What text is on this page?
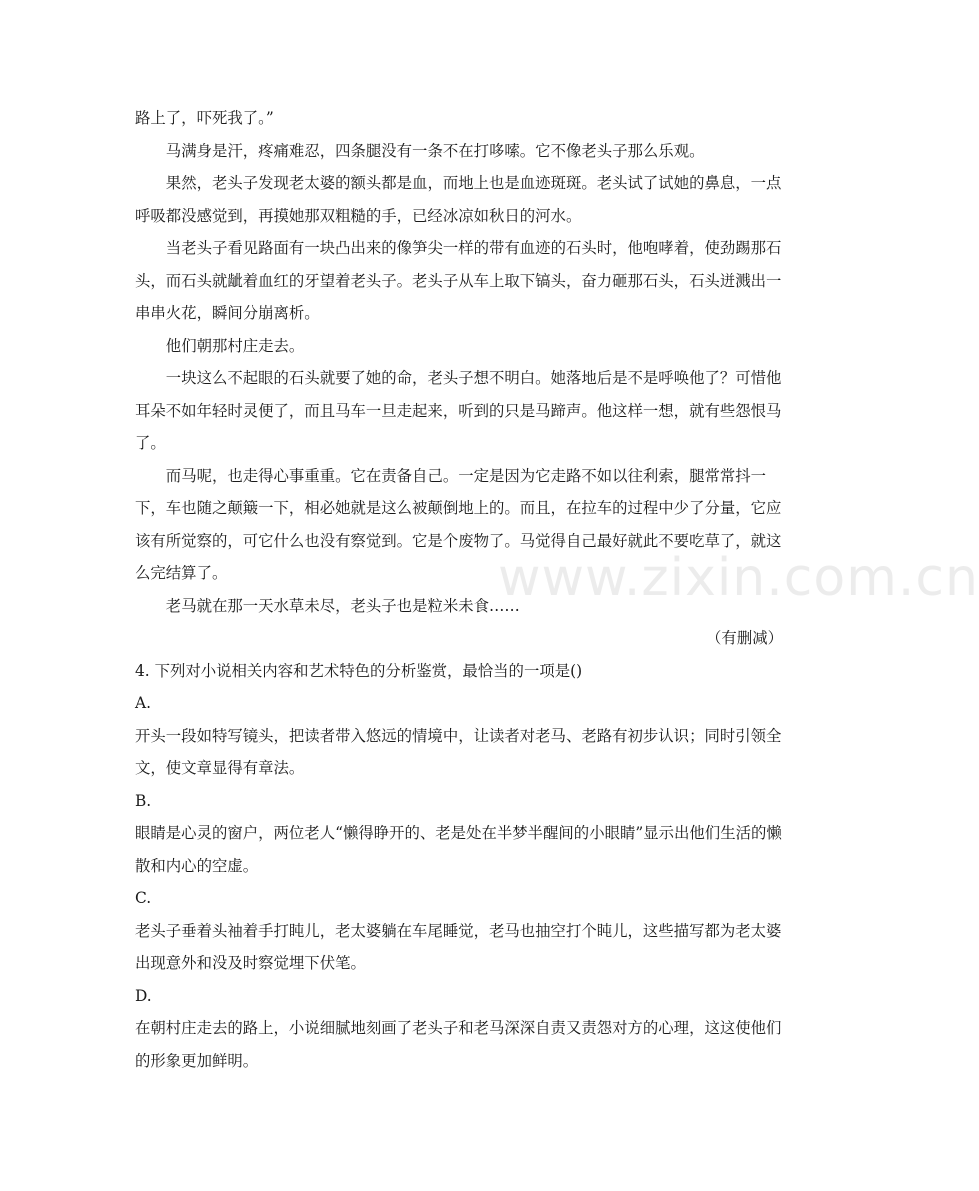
www.zixin.com.cn

路上了，吓死我了。”

马满身是汗，疼痛难忍，四条腿没有一条不在打哆嗦。它不像老头子那么乐观。

果然，老头子发现老太婆的额头都是血，而地上也是血迹斑斑。老头试了试她的鼻息，一点呼吸都没感觉到，再摸她那双粗糙的手，已经冰凉如秋日的河水。

当老头子看见路面有一块凸出来的像笋尖一样的带有血迹的石头时，他咆哮着，使劲踢那石头，而石头就龇着血红的牙望着老头子。老头子从车上取下镐头，奋力砸那石头，石头迸溅出一串串火花，瞬间分崩离析。

他们朝那村庄走去。

一块这么不起眼的石头就要了她的命，老头子想不明白。她落地后是不是呼唤他了？可惜他耳朵不如年轻时灵便了，而且马车一旦走起来，听到的只是马蹄声。他这样一想，就有些怨恨马了。

而马呢，也走得心事重重。它在责备自己。一定是因为它走路不如以往利索，腿常常抖一下，车也随之颠簸一下，相必她就是这么被颠倒地上的。而且，在拉车的过程中少了分量，它应该有所觉察的，可它什么也没有察觉到。它是个废物了。马觉得自己最好就此不要吃草了，就这么完结算了。

老马就在那一天水草未尽，老头子也是粒米未食……

（有删减）

4. 下列对小说相关内容和艺术特色的分析鉴赏，最恰当的一项是()

A.

开头一段如特写镜头，把读者带入悠远的情境中，让读者对老马、老路有初步认识；同时引领全文，使文章显得有章法。

B.

眼睛是心灵的窗户，两位老人“懒得睁开的、老是处在半梦半醒间的小眼睛”显示出他们生活的懒散和内心的空虚。

C.

老头子垂着头袖着手打盹儿，老太婆躺在车尾睡觉，老马也抽空打个盹儿，这些描写都为老太婆出现意外和没及时察觉埋下伏笔。

D.

在朝村庄走去的路上，小说细腻地刻画了老头子和老马深深自责又责怨对方的心理，这这使他们的形象更加鲜明。
